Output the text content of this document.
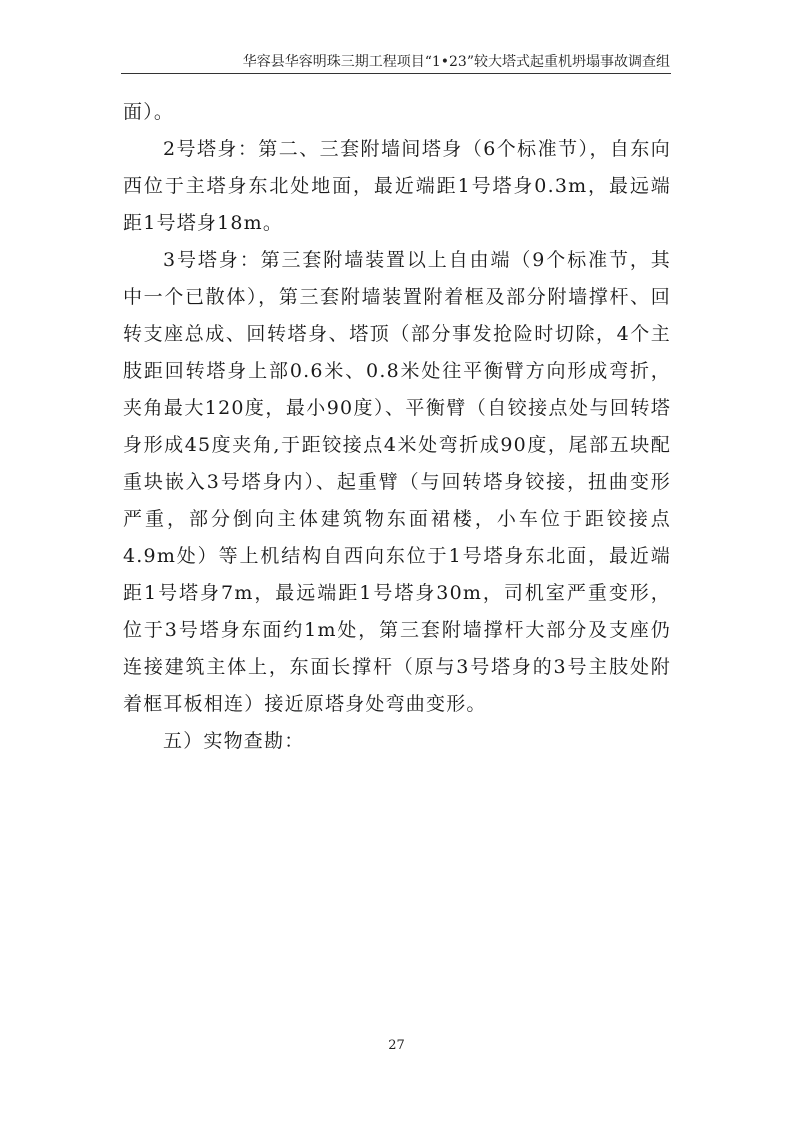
华容县华容明珠三期工程项目“1•23”较大塔式起重机坍塌事故调查组

面）。

2号塔身：第二、三套附墙间塔身（6个标准节），自东向西位于主塔身东北处地面，最近端距1号塔身0.3m，最远端距1号塔身18m。

3号塔身：第三套附墙装置以上自由端（9个标准节，其中一个已散体），第三套附墙装置附着框及部分附墙撑杆、回转支座总成、回转塔身、塔顶（部分事发抢险时切除，4个主肢距回转塔身上部0.6米、0.8米处往平衡臂方向形成弯折，夹角最大120度，最小90度）、平衡臂（自铰接点处与回转塔身形成45度夹角,于距铰接点4米处弯折成90度，尾部五块配重块嵌入3号塔身内）、起重臂（与回转塔身铰接，扭曲变形严重，部分倒向主体建筑物东面裙楼，小车位于距铰接点4.9m处）等上机结构自西向东位于1号塔身东北面，最近端距1号塔身7m，最远端距1号塔身30m，司机室严重变形，位于3号塔身东面约1m处，第三套附墙撑杆大部分及支座仍连接建筑主体上，东面长撑杆（原与3号塔身的3号主肢处附着框耳板相连）接近原塔身处弯曲变形。

五）实物查勘：

27
